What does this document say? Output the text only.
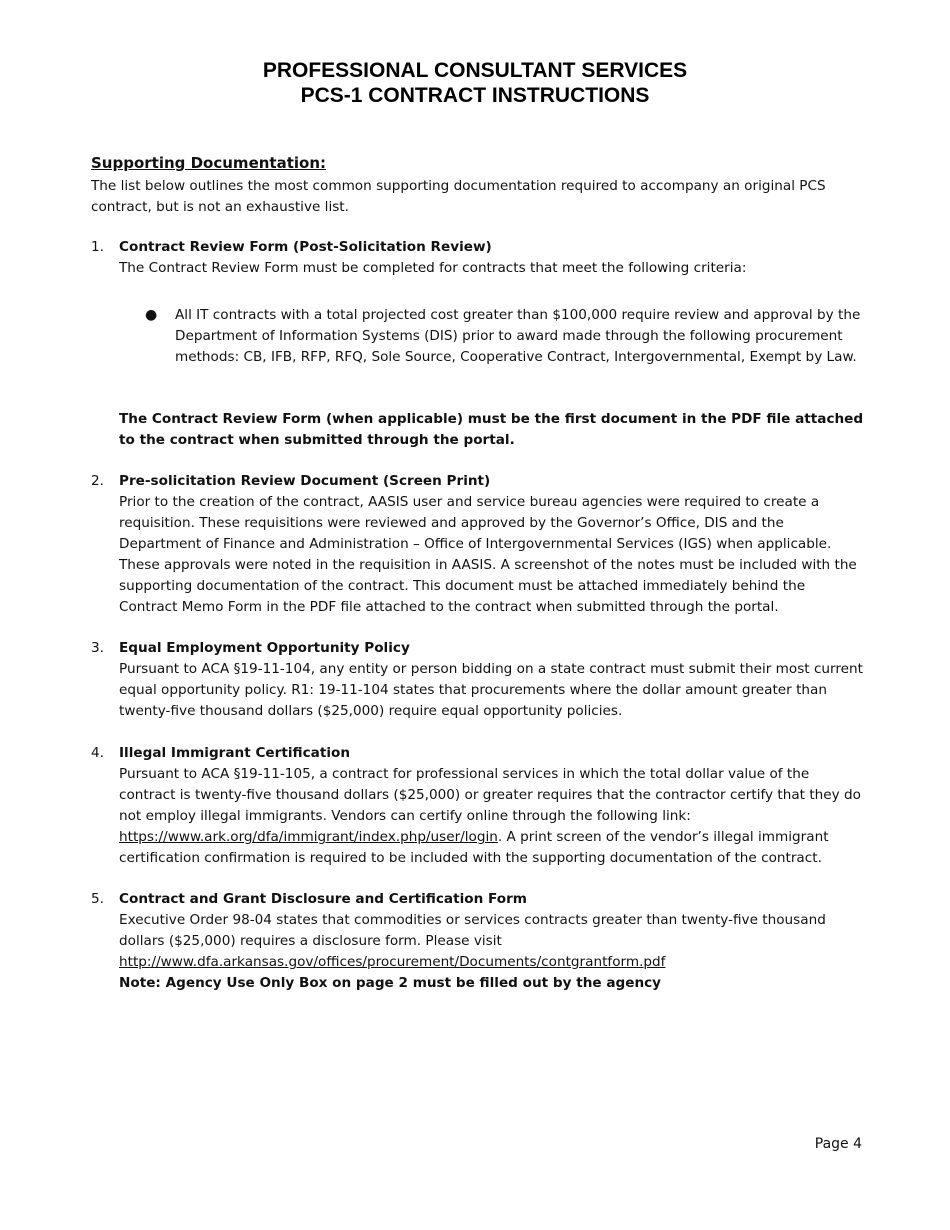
PROFESSIONAL CONSULTANT SERVICES
PCS-1 CONTRACT INSTRUCTIONS
Supporting Documentation:
The list below outlines the most common supporting documentation required to accompany an original PCS contract, but is not an exhaustive list.
1.	Contract Review Form (Post-Solicitation Review)
The Contract Review Form must be completed for contracts that meet the following criteria:
● All IT contracts with a total projected cost greater than $100,000 require review and approval by the Department of Information Systems (DIS) prior to award made through the following procurement methods: CB, IFB, RFP, RFQ, Sole Source, Cooperative Contract, Intergovernmental, Exempt by Law.
The Contract Review Form (when applicable) must be the first document in the PDF file attached to the contract when submitted through the portal.
2.	Pre-solicitation Review Document (Screen Print)
Prior to the creation of the contract, AASIS user and service bureau agencies were required to create a requisition. These requisitions were reviewed and approved by the Governor’s Office, DIS and the Department of Finance and Administration – Office of Intergovernmental Services (IGS) when applicable. These approvals were noted in the requisition in AASIS. A screenshot of the notes must be included with the supporting documentation of the contract. This document must be attached immediately behind the Contract Memo Form in the PDF file attached to the contract when submitted through the portal.
3.	Equal Employment Opportunity Policy
Pursuant to ACA §19-11-104, any entity or person bidding on a state contract must submit their most current equal opportunity policy. R1: 19-11-104 states that procurements where the dollar amount greater than twenty-five thousand dollars ($25,000) require equal opportunity policies.
4.	Illegal Immigrant Certification
Pursuant to ACA §19-11-105, a contract for professional services in which the total dollar value of the contract is twenty-five thousand dollars ($25,000) or greater requires that the contractor certify that they do not employ illegal immigrants. Vendors can certify online through the following link: https://www.ark.org/dfa/immigrant/index.php/user/login. A print screen of the vendor’s illegal immigrant certification confirmation is required to be included with the supporting documentation of the contract.
5.	Contract and Grant Disclosure and Certification Form
Executive Order 98-04 states that commodities or services contracts greater than twenty-five thousand dollars ($25,000) requires a disclosure form. Please visit
http://www.dfa.arkansas.gov/offices/procurement/Documents/contgrantform.pdf
Note: Agency Use Only Box on page 2 must be filled out by the agency
Page 4
